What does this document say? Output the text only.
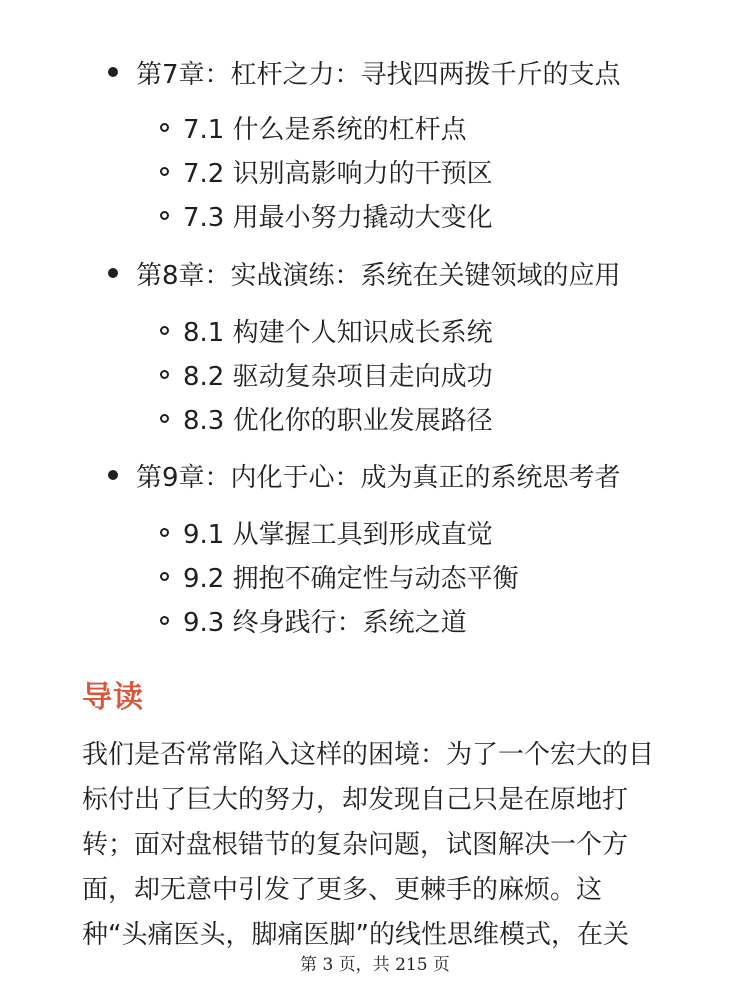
第7章：杠杆之力：寻找四两拨千斤的支点
7.1 什么是系统的杠杆点
7.2 识别高影响力的干预区
7.3 用最小努力撬动大变化
第8章：实战演练：系统在关键领域的应用
8.1 构建个人知识成长系统
8.2 驱动复杂项目走向成功
8.3 优化你的职业发展路径
第9章：内化于心：成为真正的系统思考者
9.1 从掌握工具到形成直觉
9.2 拥抱不确定性与动态平衡
9.3 终身践行：系统之道
导读
我们是否常常陷入这样的困境：为了一个宏大的目
标付出了巨大的努力，却发现自己只是在原地打
转；面对盘根错节的复杂问题，试图解决一个方
面，却无意中引发了更多、更棘手的麻烦。这
种“头痛医头，脚痛医脚”的线性思维模式，在关
第 3 页，共 215 页
